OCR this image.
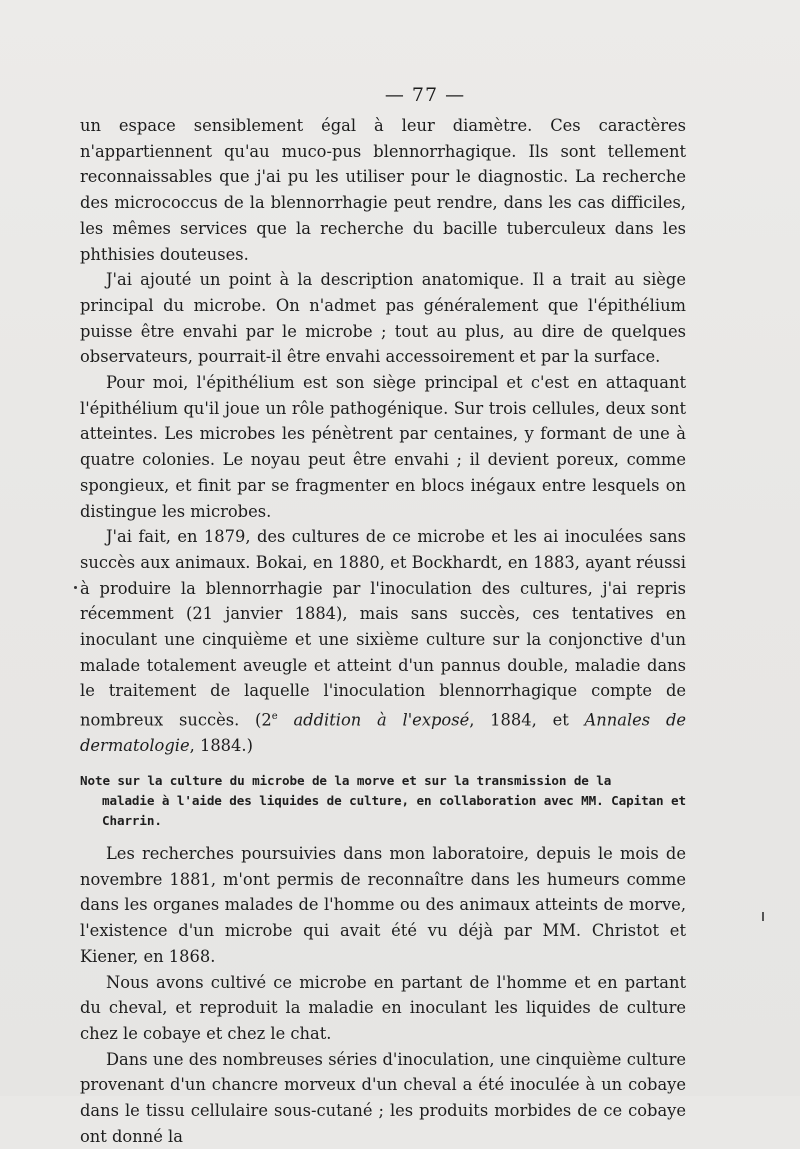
— 77 —

un espace sensiblement égal à leur diamètre. Ces caractères n'appartiennent qu'au muco-pus blennorrhagique. Ils sont tellement reconnaissables que j'ai pu les utiliser pour le diagnostic. La recherche des micrococcus de la blennorrhagie peut rendre, dans les cas difficiles, les mêmes services que la recherche du bacille tuberculeux dans les phthisies douteuses.

J'ai ajouté un point à la description anatomique. Il a trait au siège principal du microbe. On n'admet pas généralement que l'épithélium puisse être envahi par le microbe ; tout au plus, au dire de quelques observateurs, pourrait-il être envahi accessoirement et par la surface.

Pour moi, l'épithélium est son siège principal et c'est en attaquant l'épithélium qu'il joue un rôle pathogénique. Sur trois cellules, deux sont atteintes. Les microbes les pénètrent par centaines, y formant de une à quatre colonies. Le noyau peut être envahi ; il devient poreux, comme spongieux, et finit par se fragmenter en blocs inégaux entre lesquels on distingue les microbes.

J'ai fait, en 1879, des cultures de ce microbe et les ai inoculées sans succès aux animaux. Bokai, en 1880, et Bockhardt, en 1883, ayant réussi à produire la blennorrhagie par l'inoculation des cultures, j'ai repris récemment (21 janvier 1884), mais sans succès, ces tentatives en inoculant une cinquième et une sixième culture sur la conjonctive d'un malade totalement aveugle et atteint d'un pannus double, maladie dans le traitement de laquelle l'inoculation blennorrhagique compte de nombreux succès. (2e addition à l'exposé, 1884, et Annales de dermatologie, 1884.)

Note sur la culture du microbe de la morve et sur la transmission de la
maladie à l'aide des liquides de culture, en collaboration avec MM. Capitan et Charrin.

Les recherches poursuivies dans mon laboratoire, depuis le mois de novembre 1881, m'ont permis de reconnaître dans les humeurs comme dans les organes malades de l'homme ou des animaux atteints de morve, l'existence d'un microbe qui avait été vu déjà par MM. Christot et Kiener, en 1868.

Nous avons cultivé ce microbe en partant de l'homme et en partant du cheval, et reproduit la maladie en inoculant les liquides de culture chez le cobaye et chez le chat.

Dans une des nombreuses séries d'inoculation, une cinquième culture provenant d'un chancre morveux d'un cheval a été inoculée à un cobaye dans le tissu cellulaire sous-cutané ; les produits morbides de ce cobaye ont donné la
